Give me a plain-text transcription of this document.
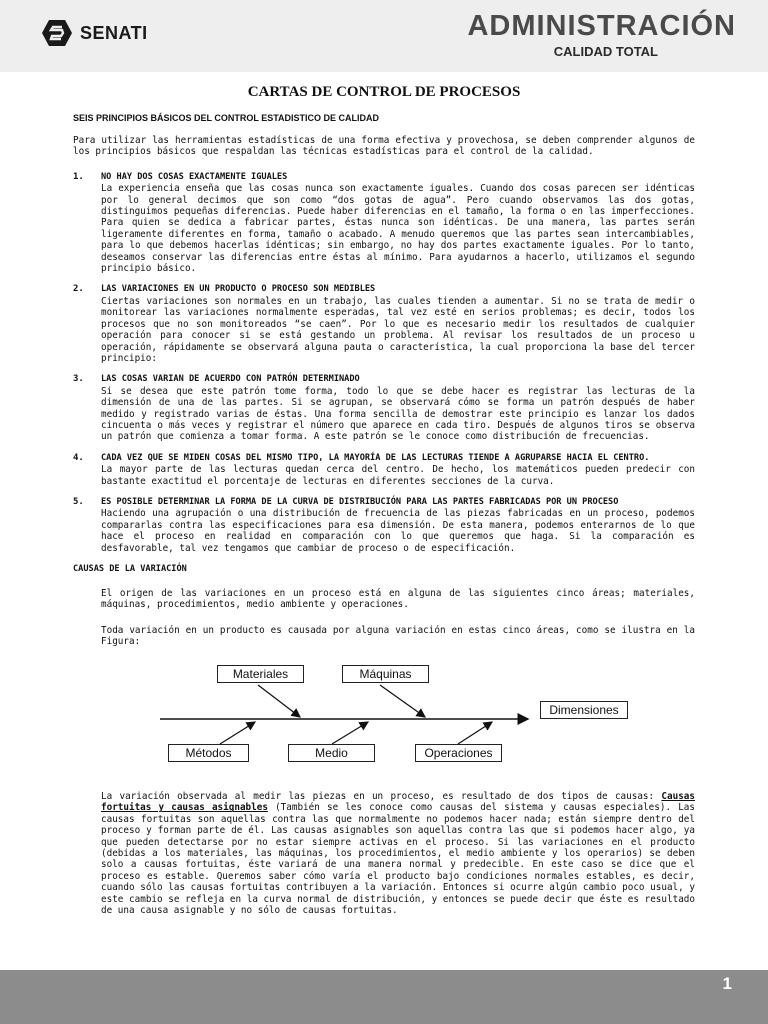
SENATI	ADMINISTRACIÓN
CALIDAD TOTAL
CARTAS DE CONTROL DE PROCESOS
SEIS PRINCIPIOS BÁSICOS DEL CONTROL ESTADISTICO DE CALIDAD
Para utilizar las herramientas estadísticas de una forma efectiva y provechosa, se deben comprender algunos de los principios básicos que respaldan las técnicas estadísticas para el control de la calidad.
1.	NO HAY DOS COSAS EXACTAMENTE IGUALES
La experiencia enseña que las cosas nunca son exactamente iguales. Cuando dos cosas parecen ser idénticas por lo general decimos que son como “dos gotas de agua”. Pero cuando observamos las dos gotas, distinguimos pequeñas diferencias. Puede haber diferencias en el tamaño, la forma o en las imperfecciones. Para quien se dedica a fabricar partes, éstas nunca son idénticas. De una manera, las partes serán ligeramente diferentes en forma, tamaño o acabado. A menudo queremos que las partes sean intercambiables, para lo que debemos hacerlas idénticas; sin embargo, no hay dos partes exactamente iguales. Por lo tanto, deseamos conservar las diferencias entre éstas al mínimo. Para ayudarnos a hacerlo, utilizamos el segundo principio básico.
2.	LAS VARIACIONES EN UN PRODUCTO O PROCESO SON MEDIBLES
Ciertas variaciones son normales en un trabajo, las cuales tienden a aumentar. Si no se trata de medir o monitorear las variaciones normalmente esperadas, tal vez esté en serios problemas; es decir, todos los procesos que no son monitoreados “se caen”. Por lo que es necesario medir los resultados de cualquier operación para conocer si se está gestando un problema. Al revisar los resultados de un proceso u operación, rápidamente se observará alguna pauta o característica, la cual proporciona la base del tercer principio:
3.	LAS COSAS VARIAN DE ACUERDO CON PATRÓN DETERMINADO
Si se desea que este patrón tome forma, todo lo que se debe hacer es registrar las lecturas de la dimensión de una de las partes. Si se agrupan, se observará cómo se forma un patrón después de haber medido y registrado varias de éstas. Una forma sencilla de demostrar este principio es lanzar los dados cincuenta o más veces y registrar el número que aparece en cada tiro. Después de algunos tiros se observa un patrón que comienza a tomar forma. A este patrón se le conoce como distribución de frecuencias.
4.	CADA VEZ QUE SE MIDEN COSAS DEL MISMO TIPO, LA MAYORÍA DE LAS LECTURAS TIENDE A AGRUPARSE HACIA EL CENTRO.
La mayor parte de las lecturas quedan cerca del centro. De hecho, los matemáticos pueden predecir con bastante exactitud el porcentaje de lecturas en diferentes secciones de la curva.
5.	ES POSIBLE DETERMINAR LA FORMA DE LA CURVA DE DISTRIBUCIÓN PARA LAS PARTES FABRICADAS POR UN PROCESO
Haciendo una agrupación o una distribución de frecuencia de las piezas fabricadas en un proceso, podemos compararlas contra las especificaciones para esa dimensión. De esta manera, podemos enterarnos de lo que hace el proceso en realidad en comparación con lo que queremos que haga. Si la comparación es desfavorable, tal vez tengamos que cambiar de proceso o de especificación.
CAUSAS DE LA VARIACIÓN
El origen de las variaciones en un proceso está en alguna de las siguientes cinco áreas; materiales, máquinas, procedimientos, medio ambiente y operaciones.
Toda variación en un producto es causada por alguna variación en estas cinco áreas, como se ilustra en la Figura:
Materiales	Máquinas
Dimensiones
Métodos	Medio	Operaciones
La variación observada al medir las piezas en un proceso, es resultado de dos tipos de causas: Causas fortuitas y causas asignables (También se les conoce como causas del sistema y causas especiales). Las causas fortuitas son aquellas contra las que normalmente no podemos hacer nada; están siempre dentro del proceso y forman parte de él. Las causas asignables son aquellas contra las que si podemos hacer algo, ya que pueden detectarse por no estar siempre activas en el proceso. Si las variaciones en el producto (debidas a los materiales, las máquinas, los procedimientos, el medio ambiente y los operarios) se deben solo a causas fortuitas, éste variará de una manera normal y predecible. En este caso se dice que el proceso es estable. Queremos saber cómo varía el producto bajo condiciones normales estables, es decir, cuando sólo las causas fortuitas contribuyen a la variación. Entonces si ocurre algún cambio poco usual, y este cambio se refleja en la curva normal de distribución, y entonces se puede decir que éste es resultado de una causa asignable y no sólo de causas fortuitas.
1
